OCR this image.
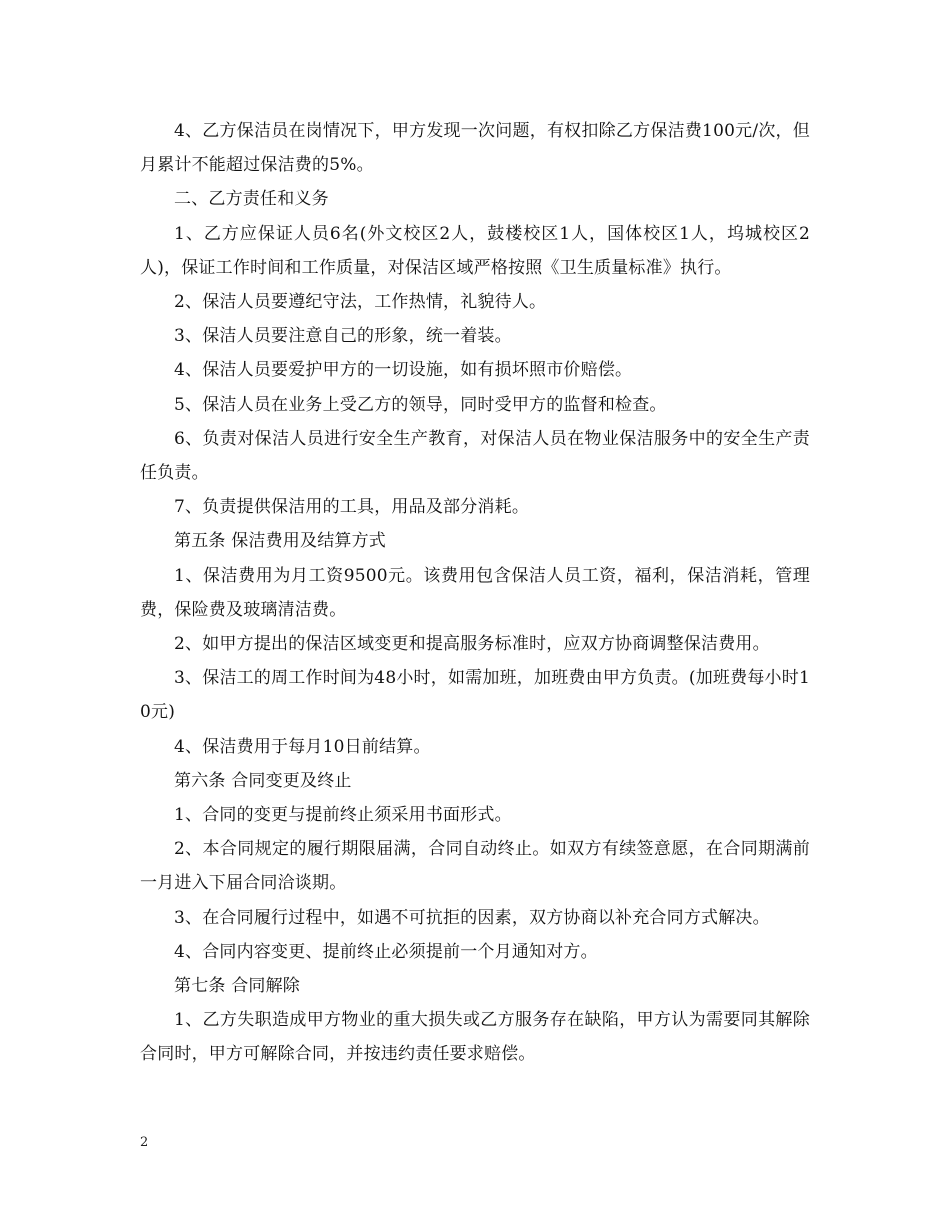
4、乙方保洁员在岗情况下，甲方发现一次问题，有权扣除乙方保洁费100元/次，但月累计不能超过保洁费的5%。

二、乙方责任和义务

1、乙方应保证人员6名(外文校区2人，鼓楼校区1人，国体校区1人，坞城校区2人)，保证工作时间和工作质量，对保洁区域严格按照《卫生质量标准》执行。

2、保洁人员要遵纪守法，工作热情，礼貌待人。

3、保洁人员要注意自己的形象，统一着装。

4、保洁人员要爱护甲方的一切设施，如有损坏照市价赔偿。

5、保洁人员在业务上受乙方的领导，同时受甲方的监督和检查。

6、负责对保洁人员进行安全生产教育，对保洁人员在物业保洁服务中的安全生产责任负责。

7、负责提供保洁用的工具，用品及部分消耗。

第五条 保洁费用及结算方式

1、保洁费用为月工资9500元。该费用包含保洁人员工资，福利，保洁消耗，管理费，保险费及玻璃清洁费。

2、如甲方提出的保洁区域变更和提高服务标准时，应双方协商调整保洁费用。

3、保洁工的周工作时间为48小时，如需加班，加班费由甲方负责。(加班费每小时10元)

4、保洁费用于每月10日前结算。

第六条 合同变更及终止

1、合同的变更与提前终止须采用书面形式。

2、本合同规定的履行期限届满，合同自动终止。如双方有续签意愿，在合同期满前一月进入下届合同洽谈期。

3、在合同履行过程中，如遇不可抗拒的因素，双方协商以补充合同方式解决。

4、合同内容变更、提前终止必须提前一个月通知对方。

第七条 合同解除

1、乙方失职造成甲方物业的重大损失或乙方服务存在缺陷，甲方认为需要同其解除合同时，甲方可解除合同，并按违约责任要求赔偿。

2
